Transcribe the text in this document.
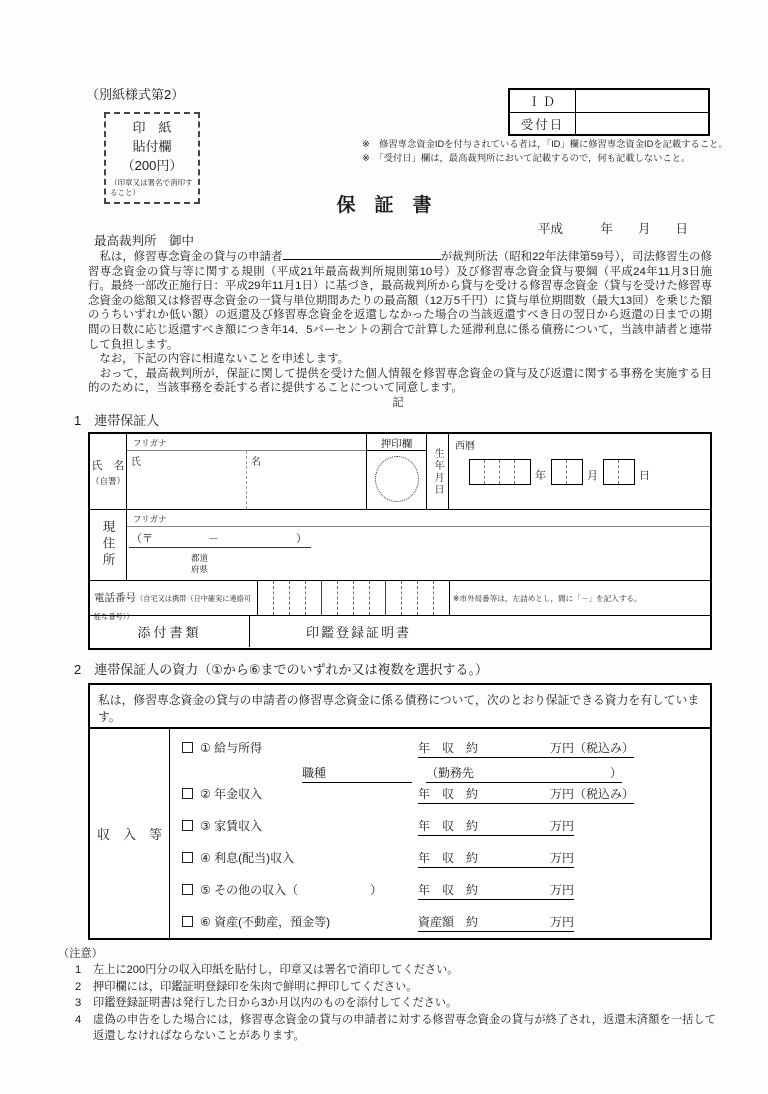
（別紙様式第2）
印　紙
貼付欄
（200円）
（印章又は署名で消印すること）
ＩＤ
受付日
※　修習専念資金IDを付与されている者は，「ID」欄に修習専念資金IDを記載すること。
※　「受付日」欄は，最高裁判所において記載するので，何も記載しないこと。
保　証　書
平成　　　年　　月　　日
最高裁判所　御中

　私は，修習専念資金の貸与の申請者	が裁判所法（昭和22年法律第59号），司法修習生の修習専念資金の貸与等に関する規則（平成21年最高裁判所規則第10号）及び修習専念資金貸与要綱（平成24年11月3日施行。最終一部改正施行日：平成29年11月1日）に基づき，最高裁判所から貸与を受ける修習専念資金（貸与を受けた修習専念資金の総額又は修習専念資金の一貸与単位期間あたりの最高額（12万5千円）に貸与単位期間数（最大13回）を乗じた額のうちいずれか低い額）の返還及び修習専念資金を返還しなかった場合の当該返還すべき日の翌日から返還の日までの期間の日数に応じ返還すべき額につき年14．5パーセントの割合で計算した延滞利息に係る債務について，当該申請者と連帯して負担します。

　なお，下記の内容に相違ないことを申述します。

　おって，最高裁判所が，保証に関して提供を受けた個人情報を修習専念資金の貸与及び返還に関する事務を実施する目的のために，当該事務を委託する者に提供することについて同意します。

記

1　連帯保証人
氏　名
（自署）
フリガナ
氏	名
押印欄
生年月日
西暦
年	月	日
現住所
フリガナ
（〒　　　　　－　　　　　　　）
都道
府県
電話番号（自宅又は携帯（日中確実に連絡可能な番号））
※市外局番等は，左詰めとし，間に「－」を記入する。
添付書類	印鑑登録証明書
2　連帯保証人の資力（①から⑥までのいずれか又は複数を選択する。）
私は，修習専念資金の貸与の申請者の修習専念資金に係る債務について，次のとおり保証できる資力を有しています。
収　入　等
① 給与所得	年　収　約	万円（税込み）
職種	（勤務先	）
② 年金収入	年　収　約	万円（税込み）
③ 家賃収入	年　収　約	万円
④ 利息(配当)収入	年　収　約	万円
⑤ その他の収入（　　　　　　）	年　収　約	万円
⑥ 資産(不動産，預金等)	資産額　約	万円
（注意）
1	左上に200円分の収入印紙を貼付し，印章又は署名で消印してください。
2	押印欄には，印鑑証明登録印を朱肉で鮮明に押印してください。
3	印鑑登録証明書は発行した日から3か月以内のものを添付してください。
4	虚偽の申告をした場合には，修習専念資金の貸与の申請者に対する修習専念資金の貸与が終了され，返還未済額を一括して返還しなければならないことがあります。
